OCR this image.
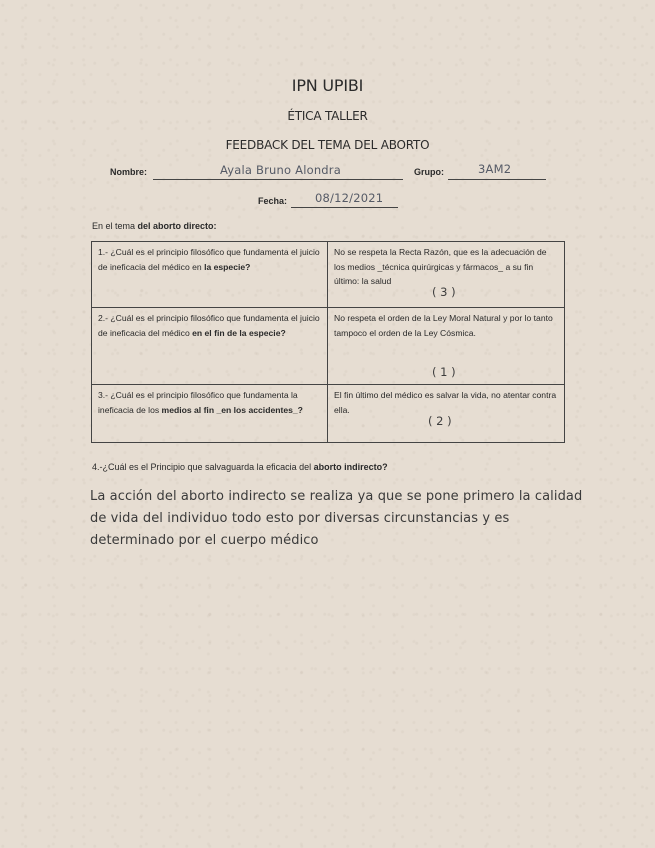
IPN UPIBI
ÉTICA TALLER
FEEDBACK DEL TEMA DEL ABORTO
Nombre:	Ayala Bruno Alondra	Grupo:	3AM2
Fecha: 08/12/2021
En el tema del aborto directo:
1.- ¿Cuál es el principio filosófico que fundamenta el juicio de ineficacia del médico en la especie?	No se respeta la Recta Razón, que es la adecuación de los medios _técnica quirúrgicas y fármacos_ a su fin último: la salud
( 3 )

2.- ¿Cuál es el principio filosófico que fundamenta el juicio de ineficacia del médico en el fin de la especie?	No respeta el orden de la Ley Moral Natural y por lo tanto tampoco el orden de la Ley Cósmica.
( 1 )

3.- ¿Cuál es el principio filosófico que fundamenta la ineficacia de los medios al fin _en los accidentes_?	El fin último del médico es salvar la vida, no atentar contra ella.
( 2 )
4.-¿Cuál es el Principio que salvaguarda la eficacia del aborto indirecto?
La acción del aborto indirecto se realiza ya que se pone primero la calidad
de vida del individuo todo esto por diversas circunstancias y es
determinado por el cuerpo médico
